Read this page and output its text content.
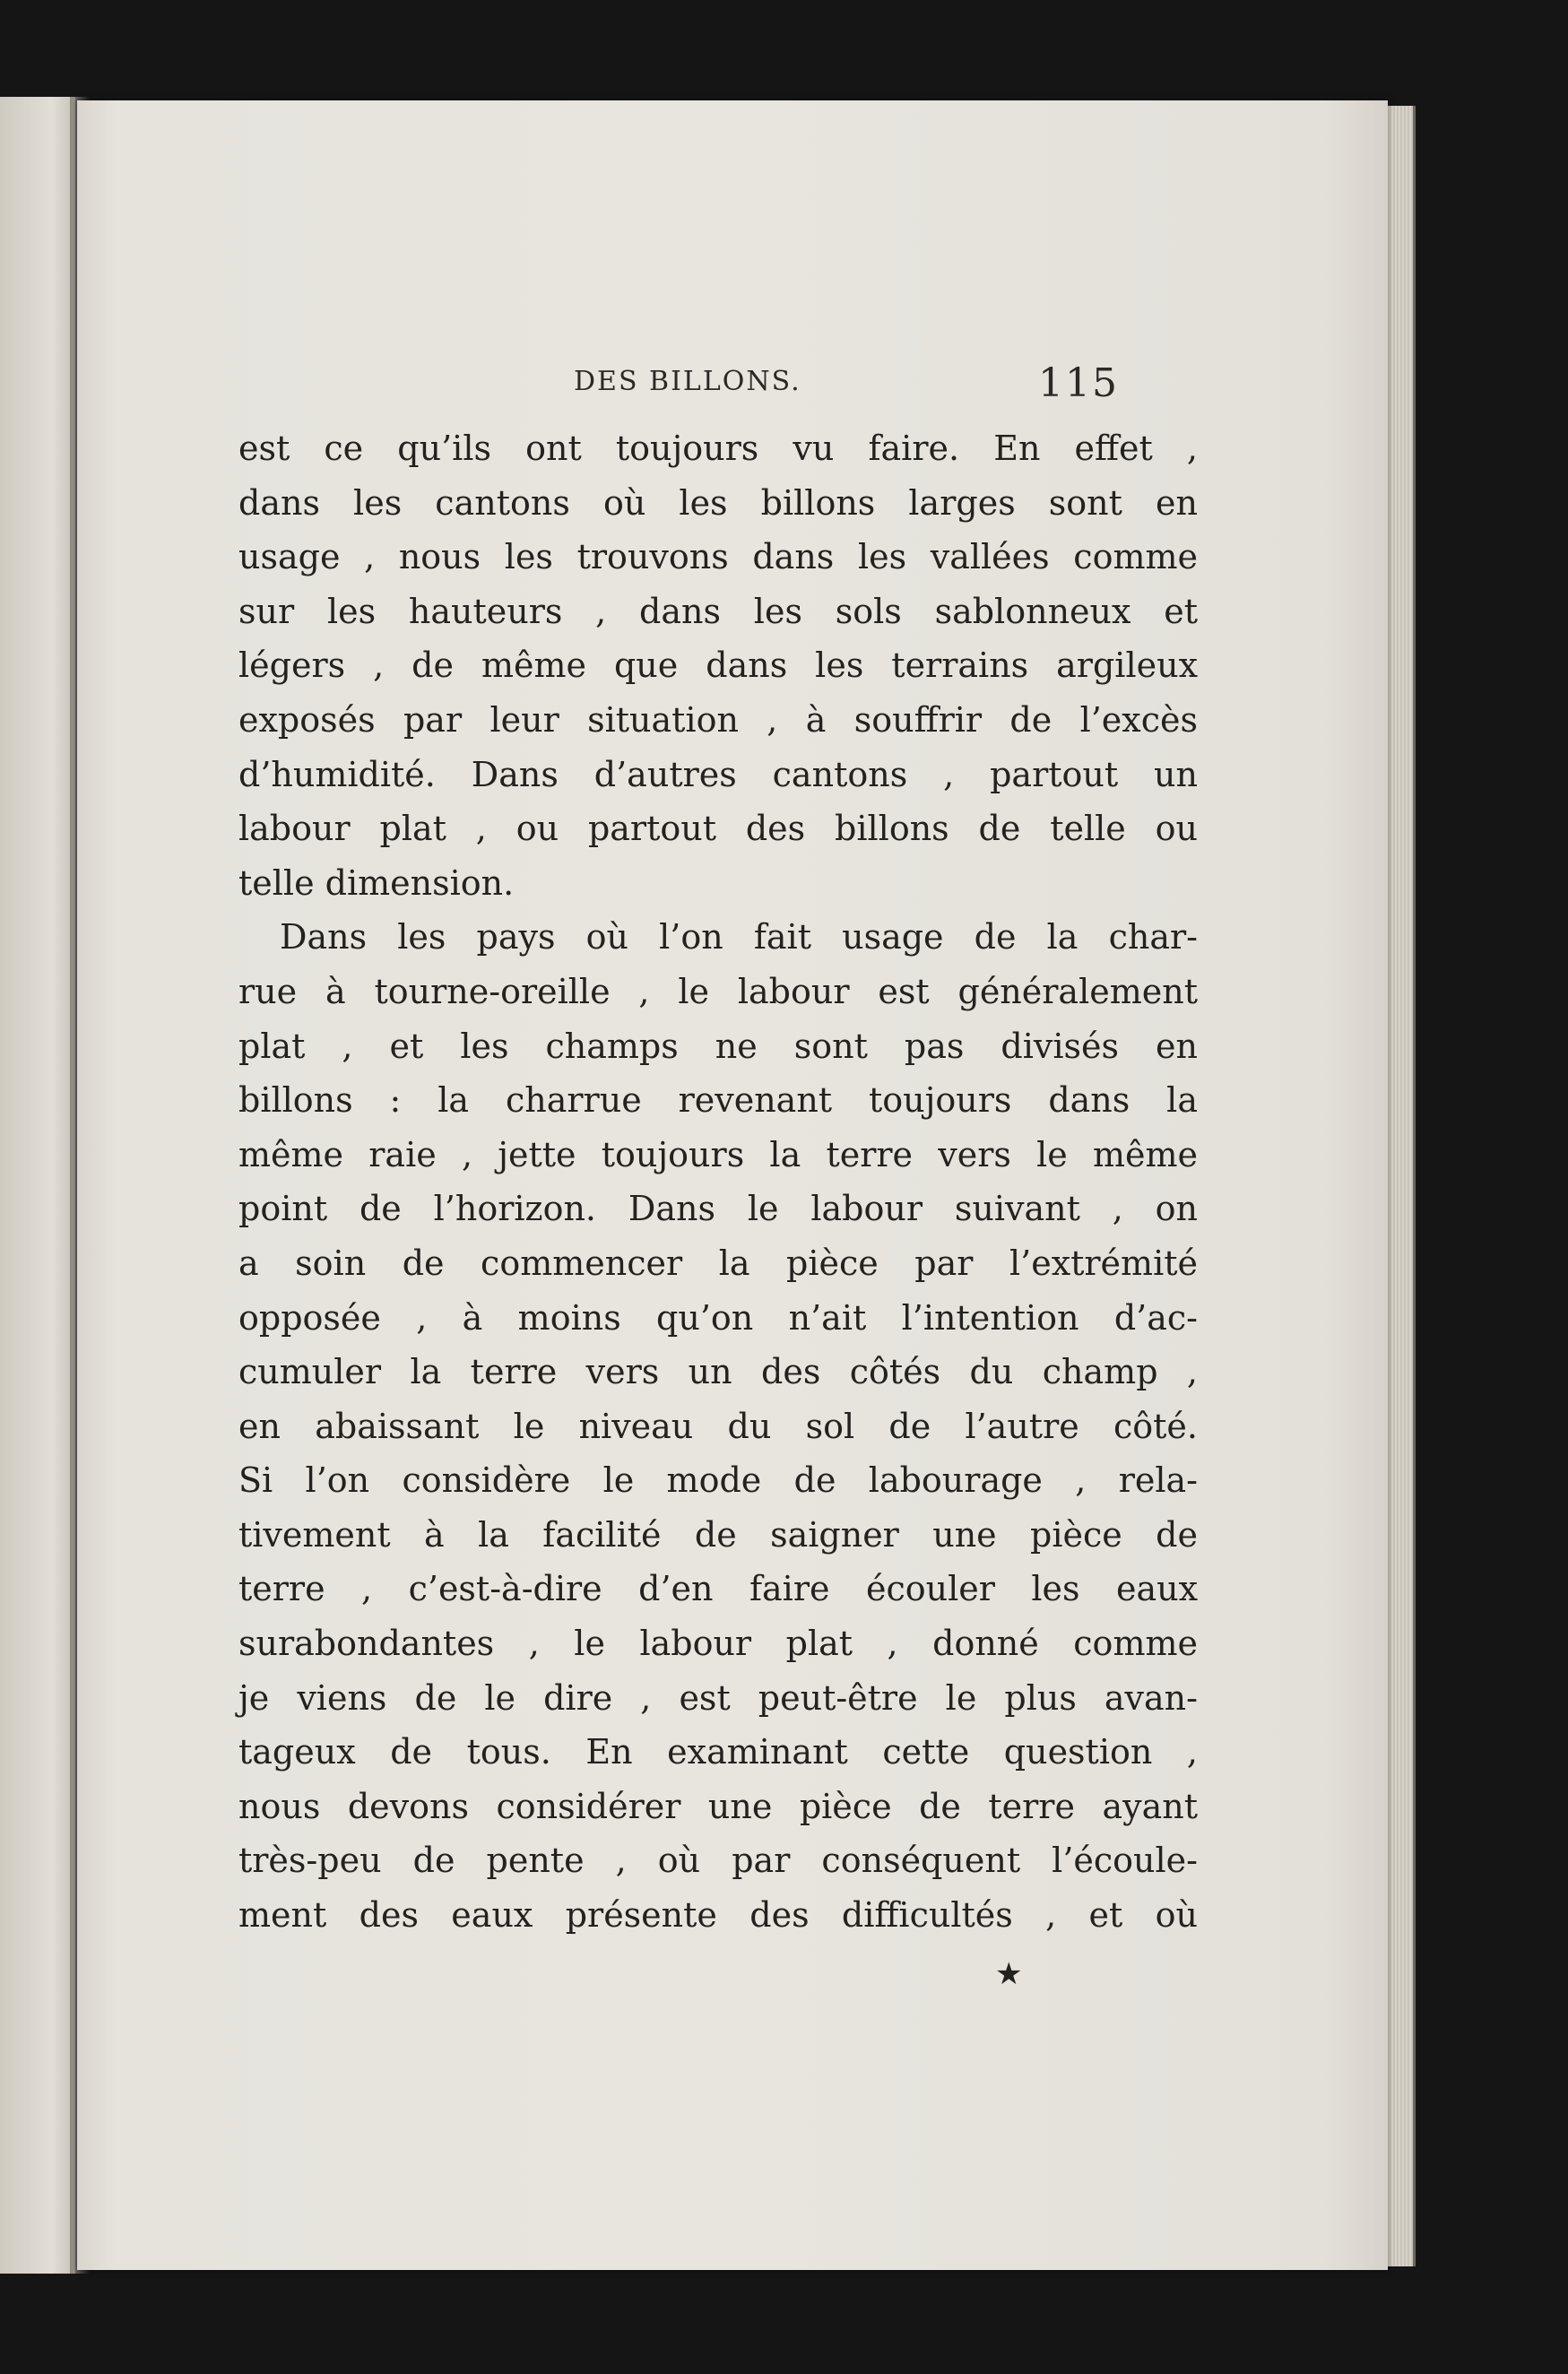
DES BILLONS.	115
est ce qu’ils ont toujours vu faire. En effet ,
dans les cantons où les billons larges sont en
usage , nous les trouvons dans les vallées comme
sur les hauteurs , dans les sols sablonneux et
légers , de même que dans les terrains argileux
exposés par leur situation , à souffrir de l’excès
d’humidité. Dans d’autres cantons , partout un
labour plat , ou partout des billons de telle ou
telle dimension.
Dans les pays où l’on fait usage de la char-
rue à tourne-oreille , le labour est généralement
plat , et les champs ne sont pas divisés en
billons : la charrue revenant toujours dans la
même raie , jette toujours la terre vers le même
point de l’horizon. Dans le labour suivant , on
a soin de commencer la pièce par l’extrémité
opposée , à moins qu’on n’ait l’intention d’ac-
cumuler la terre vers un des côtés du champ ,
en abaissant le niveau du sol de l’autre côté.
Si l’on considère le mode de labourage , rela-
tivement à la facilité de saigner une pièce de
terre , c’est-à-dire d’en faire écouler les eaux
surabondantes , le labour plat , donné comme
je viens de le dire , est peut-être le plus avan-
tageux de tous. En examinant cette question ,
nous devons considérer une pièce de terre ayant
très-peu de pente , où par conséquent l’écoule-
ment des eaux présente des difficultés , et où
★
